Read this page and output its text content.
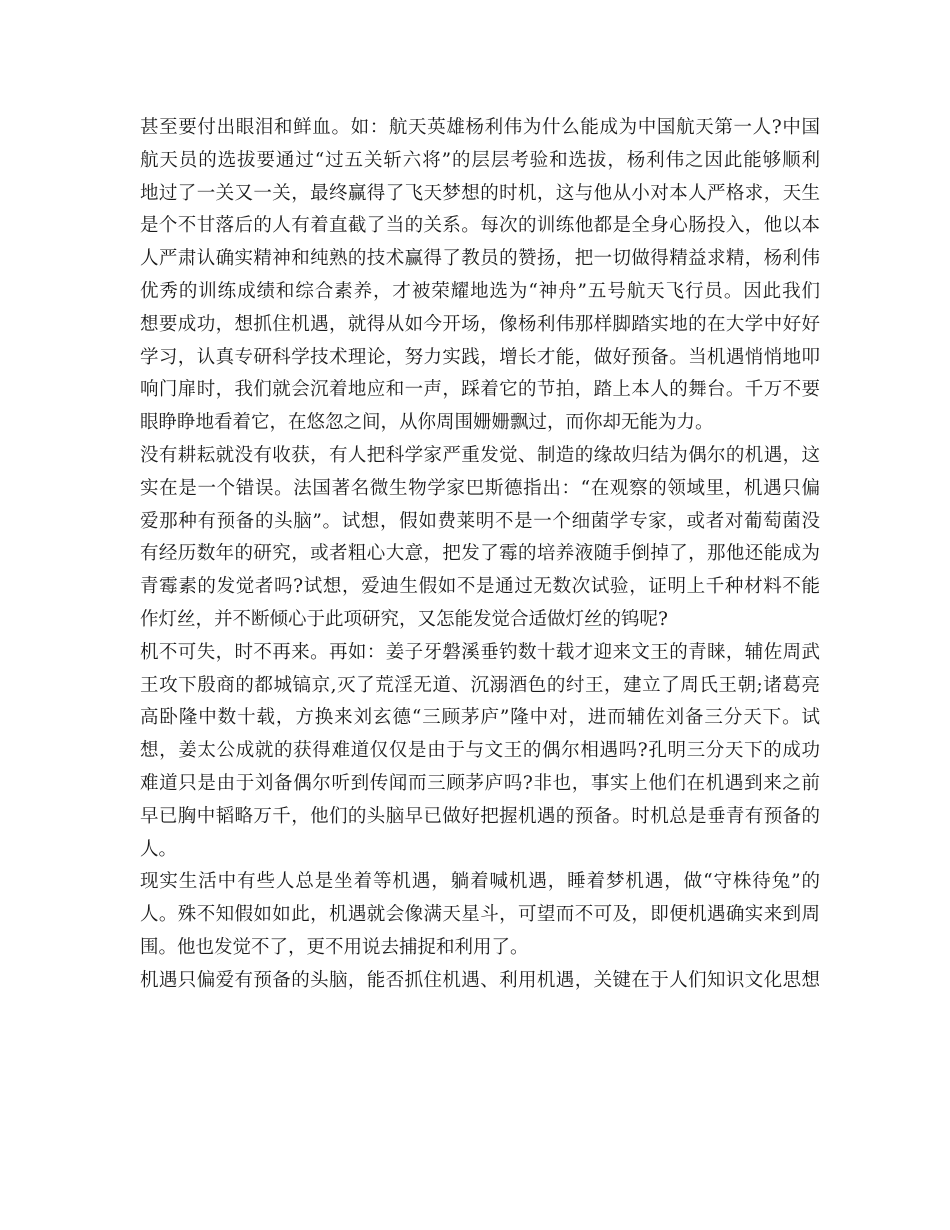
甚至要付出眼泪和鲜血。如：航天英雄杨利伟为什么能成为中国航天第一人?中国
航天员的选拔要通过“过五关斩六将”的层层考验和选拔，杨利伟之因此能够顺利
地过了一关又一关，最终赢得了飞天梦想的时机，这与他从小对本人严格求，天生
是个不甘落后的人有着直截了当的关系。每次的训练他都是全身心肠投入，他以本
人严肃认确实精神和纯熟的技术赢得了教员的赞扬，把一切做得精益求精，杨利伟
优秀的训练成绩和综合素养，才被荣耀地选为“神舟”五号航天飞行员。因此我们
想要成功，想抓住机遇，就得从如今开场，像杨利伟那样脚踏实地的在大学中好好
学习，认真专研科学技术理论，努力实践，增长才能，做好预备。当机遇悄悄地叩
响门扉时，我们就会沉着地应和一声，踩着它的节拍，踏上本人的舞台。千万不要
眼睁睁地看着它，在悠忽之间，从你周围姗姗飘过，而你却无能为力。
没有耕耘就没有收获，有人把科学家严重发觉、制造的缘故归结为偶尔的机遇，这
实在是一个错误。法国著名微生物学家巴斯德指出：“在观察的领域里，机遇只偏
爱那种有预备的头脑”。试想，假如费莱明不是一个细菌学专家，或者对葡萄菌没
有经历数年的研究，或者粗心大意，把发了霉的培养液随手倒掉了，那他还能成为
青霉素的发觉者吗?试想，爱迪生假如不是通过无数次试验，证明上千种材料不能
作灯丝，并不断倾心于此项研究，又怎能发觉合适做灯丝的钨呢?
机不可失，时不再来。再如：姜子牙磐溪垂钓数十载才迎来文王的青睐，辅佐周武
王攻下殷商的都城镐京,灭了荒淫无道、沉溺酒色的纣王，建立了周氏王朝;诸葛亮
高卧隆中数十载，方换来刘玄德“三顾茅庐”隆中对，进而辅佐刘备三分天下。试
想，姜太公成就的获得难道仅仅是由于与文王的偶尔相遇吗?孔明三分天下的成功
难道只是由于刘备偶尔听到传闻而三顾茅庐吗?非也，事实上他们在机遇到来之前
早已胸中韬略万千，他们的头脑早已做好把握机遇的预备。时机总是垂青有预备的
人。
现实生活中有些人总是坐着等机遇，躺着喊机遇，睡着梦机遇，做“守株待兔”的
人。殊不知假如如此，机遇就会像满天星斗，可望而不可及，即便机遇确实来到周
围。他也发觉不了，更不用说去捕捉和利用了。
机遇只偏爱有预备的头脑，能否抓住机遇、利用机遇，关键在于人们知识文化思想
